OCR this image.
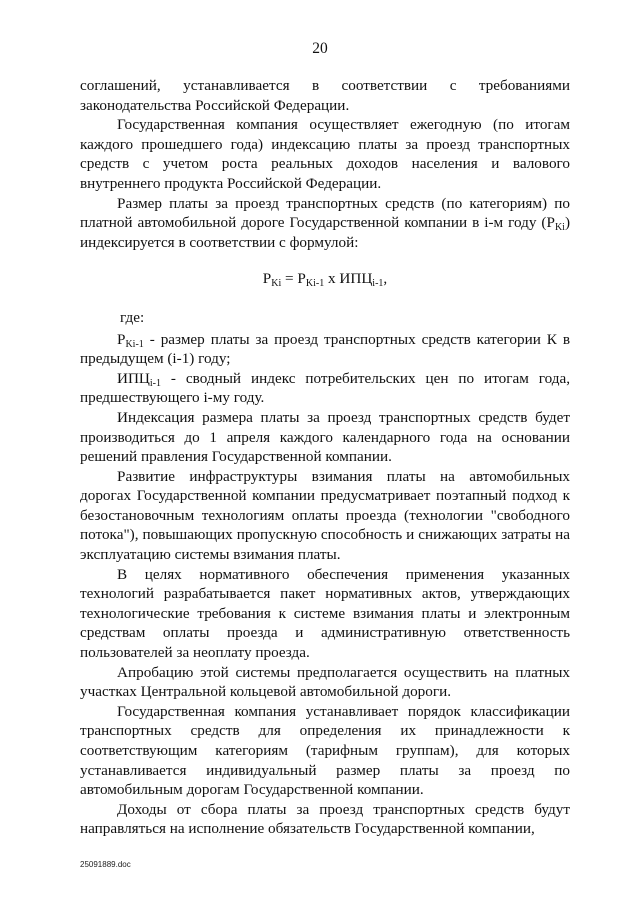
20

соглашений, устанавливается в соответствии с требованиями законодательства Российской Федерации.

Государственная компания осуществляет ежегодную (по итогам каждого прошедшего года) индексацию платы за проезд транспортных средств с учетом роста реальных доходов населения и валового внутреннего продукта Российской Федерации.

Размер платы за проезд транспортных средств (по категориям) по платной автомобильной дороге Государственной компании в i-м году $(P_{Ki})$ индексируется в соответствии с формулой:

$P_{Ki} = P_{Ki-1}$ х $ИПЦ_{i-1}$,

где:

$P_{Ki-1}$ - размер платы за проезд транспортных средств категории К в предыдущем (i-1) году;

$ИПЦ_{i-1}$ - сводный индекс потребительских цен по итогам года, предшествующего i-му году.

Индексация размера платы за проезд транспортных средств будет производиться до 1 апреля каждого календарного года на основании решений правления Государственной компании.

Развитие инфраструктуры взимания платы на автомобильных дорогах Государственной компании предусматривает поэтапный подход к безостановочным технологиям оплаты проезда (технологии "свободного потока"), повышающих пропускную способность и снижающих затраты на эксплуатацию системы взимания платы.

В целях нормативного обеспечения применения указанных технологий разрабатывается пакет нормативных актов, утверждающих технологические требования к системе взимания платы и электронным средствам оплаты проезда и административную ответственность пользователей за неоплату проезда.

Апробацию этой системы предполагается осуществить на платных участках Центральной кольцевой автомобильной дороги.

Государственная компания устанавливает порядок классификации транспортных средств для определения их принадлежности к соответствующим категориям (тарифным группам), для которых устанавливается индивидуальный размер платы за проезд по автомобильным дорогам Государственной компании.

Доходы от сбора платы за проезд транспортных средств будут направляться на исполнение обязательств Государственной компании,

25091889.doc
